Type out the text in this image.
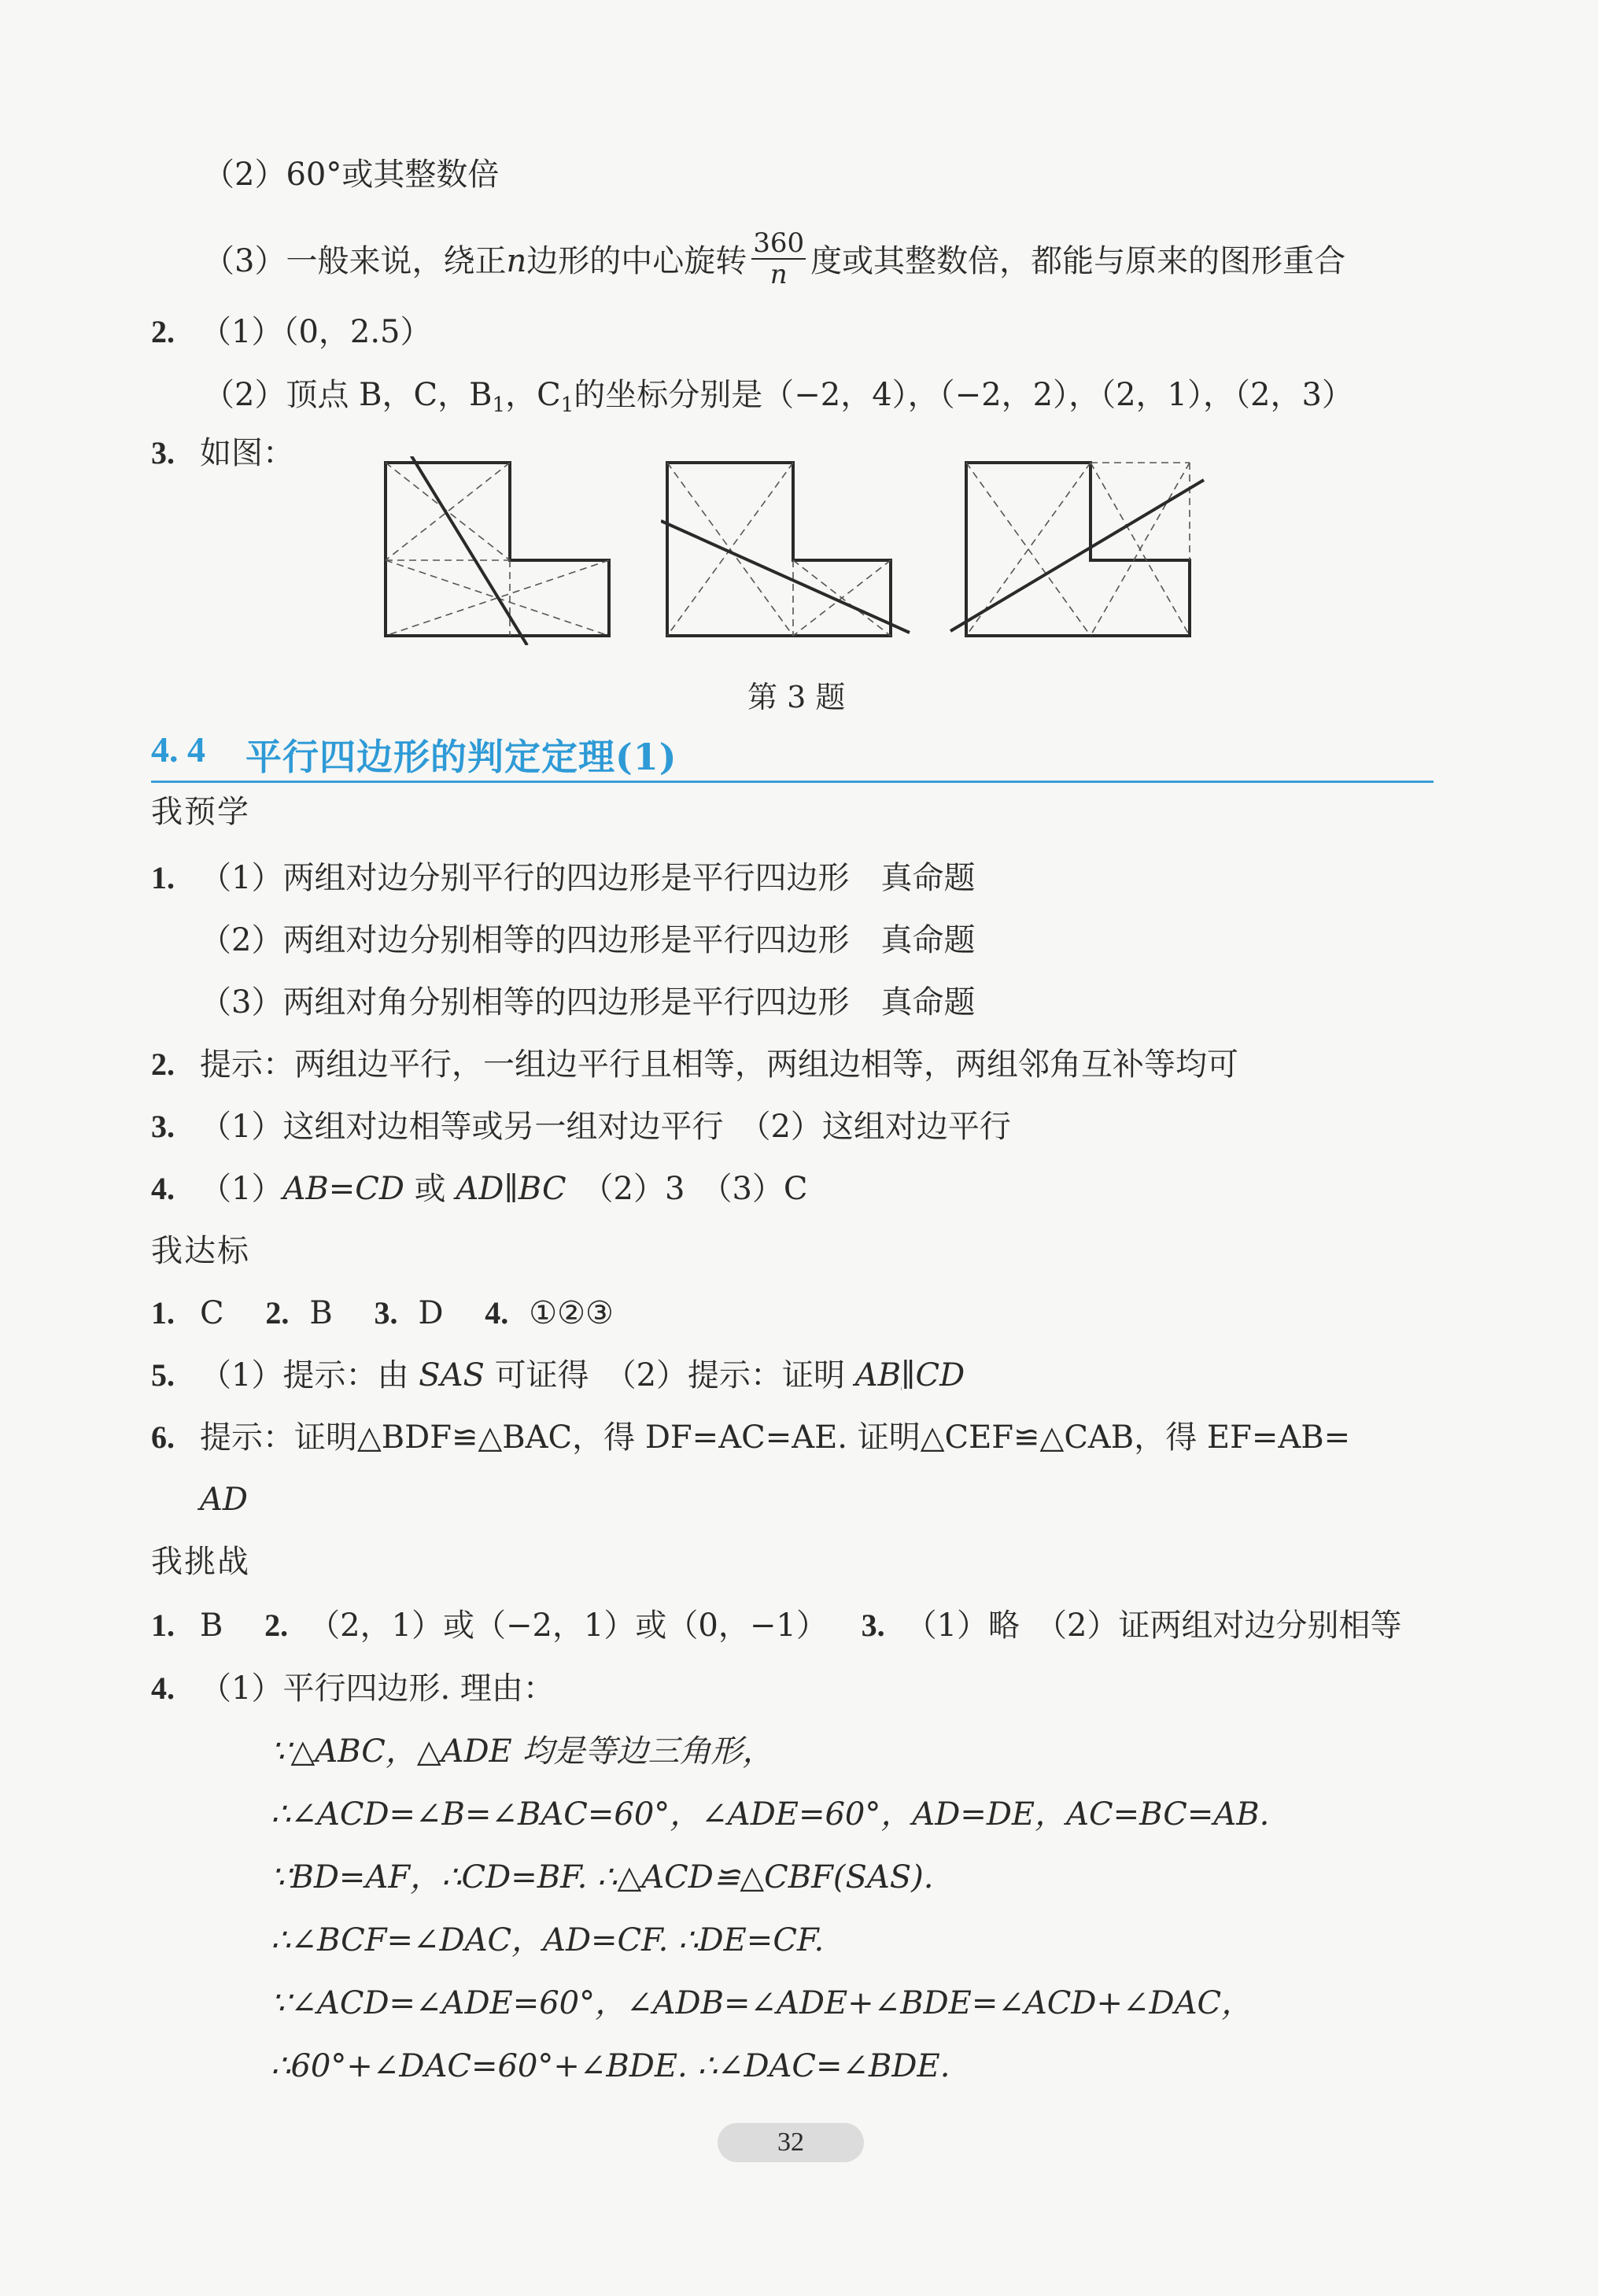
（2）60°或其整数倍
（3）一般来说，绕正n边形的中心旋转 $\frac{360}{n}$ 度或其整数倍，都能与原来的图形重合
2. （1）（0，2.5）
（2）顶点 B，C，$B_1$，$C_1$的坐标分别是（−2，4），（−2，2），（2，1），（2，3）
3. 如图：
第 3 题
4. 4 平行四边形的判定定理(1)
我预学
1. （1）两组对边分别平行的四边形是平行四边形　真命题
（2）两组对边分别相等的四边形是平行四边形　真命题
（3）两组对角分别相等的四边形是平行四边形　真命题
2. 提示：两组边平行，一组边平行且相等，两组边相等，两组邻角互补等均可
3. （1）这组对边相等或另一组对边平行　（2）这组对边平行
4. （1）AB=CD 或 AD∥BC　（2）3　（3）C
我达标
1. C 2. B 3. D 4. ①②③
5. （1）提示：由 SAS 可证得　（2）提示：证明 AB∥CD
6. 提示：证明△BDF≌△BAC，得 DF=AC=AE. 证明△CEF≌△CAB，得 EF=AB=
AD
我挑战
1. B 2. （2，1）或（−2，1）或（0，−1） 3. （1）略　（2）证两组对边分别相等
4. （1）平行四边形. 理由：
∵△ABC，△ADE 均是等边三角形，
∴∠ACD=∠B=∠BAC=60°，∠ADE=60°，AD=DE，AC=BC=AB.
∵BD=AF，∴CD=BF. ∴△ACD≌△CBF(SAS).
∴∠BCF=∠DAC，AD=CF. ∴DE=CF.
∵∠ACD=∠ADE=60°，∠ADB=∠ADE+∠BDE=∠ACD+∠DAC，
∴60°+∠DAC=60°+∠BDE. ∴∠DAC=∠BDE.
32
